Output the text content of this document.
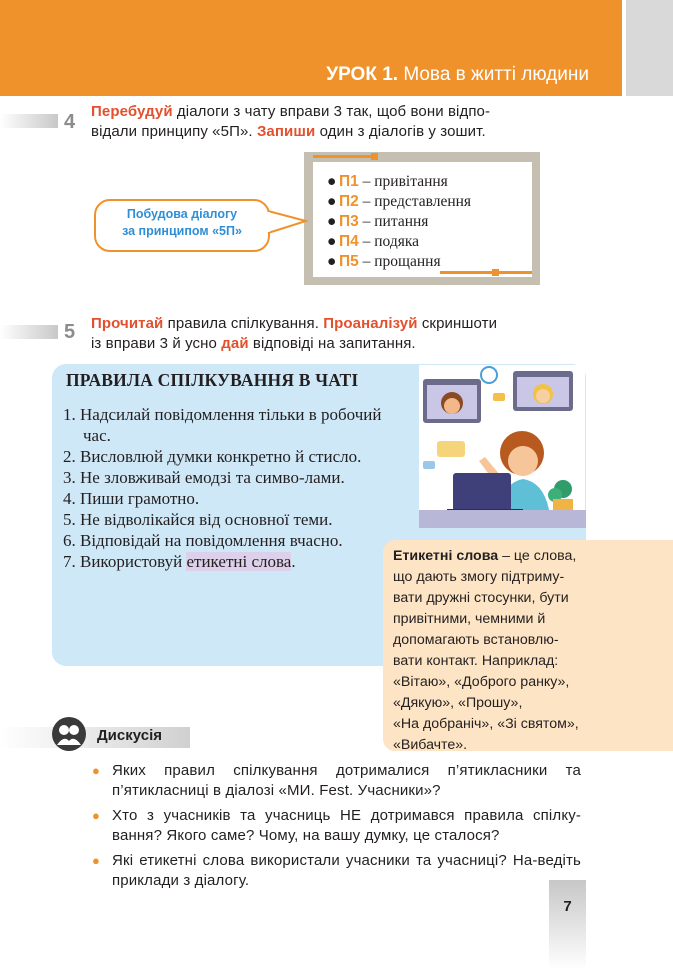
УРОК 1. Мова в житті людини
4 Перебудуй діалоги з чату вправи 3 так, щоб вони відпо-
відали принципу «5П». Запиши один з діалогів у зошит.
● П1 – привітання
● П2 – представлення
● П3 – питання
● П4 – подяка
● П5 – прощання
Побудова діалогу
за принципом «5П»
5 Прочитай правила спілкування. Проаналізуй скриншоти
із вправи 3 й усно дай відповіді на запитання.
ПРАВИЛА СПІЛКУВАННЯ В ЧАТІ
1. Надсилай повідомлення тільки в робочий час.
2. Висловлюй думки конкретно й стисло.
3. Не зловживай емодзі та симво-лами.
4. Пиши грамотно.
5. Не відволікайся від основної теми.
6. Відповідай на повідомлення вчасно.
7. Використовуй етикетні слова.	Етикетні слова – це слова,
що дають змогу підтриму-
вати дружні стосунки, бути
привітними, чемними й
допомагають встановлю-
вати контакт. Наприклад:
«Вітаю», «Доброго ранку»,
«Дякую», «Прошу»,
«На добраніч», «Зі святом»,
«Вибачте».
Дискусія
● Яких правил спілкування дотрималися п’ятикласники та п’ятикласниці в діалозі «МИ. Fest. Учасники»?
● Хто з учасників та учасниць НЕ дотримався правила спілку-вання? Якого саме? Чому, на вашу думку, це сталося?
● Які етикетні слова використали учасники та учасниці? На-ведіть приклади з діалогу.
7
